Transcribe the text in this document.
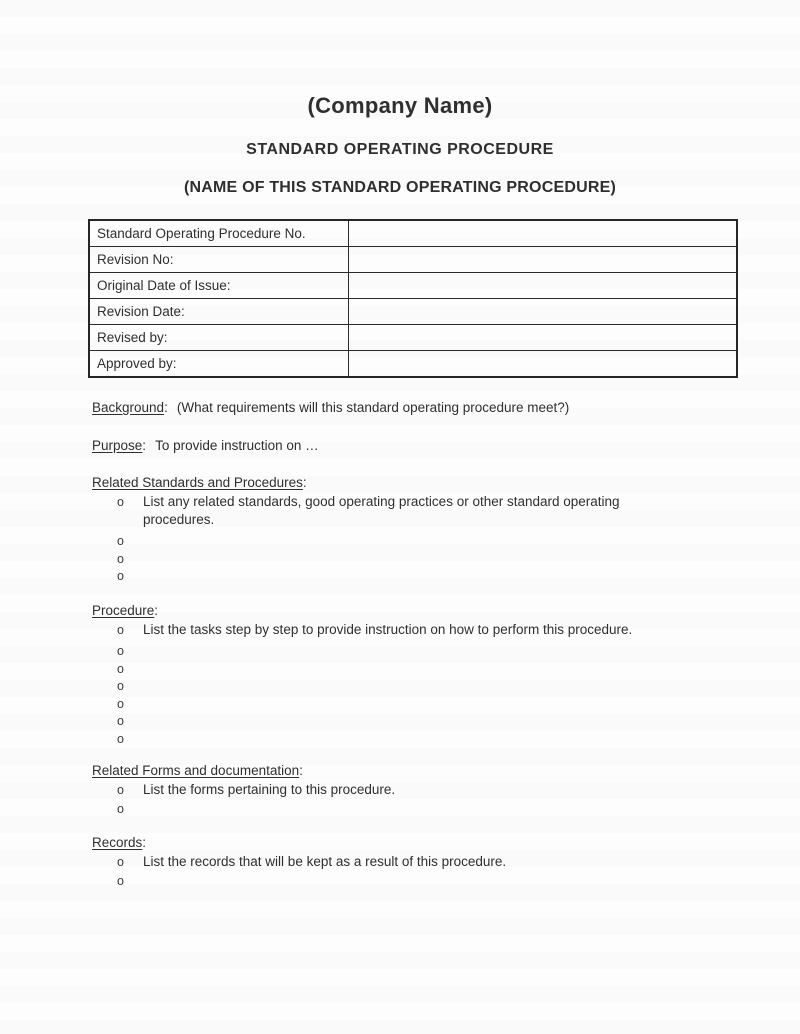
(Company Name)
STANDARD OPERATING PROCEDURE
(NAME OF THIS STANDARD OPERATING PROCEDURE)
Standard Operating Procedure No.	
Revision No:	
Original Date of Issue:	
Revision Date:	
Revised by:	
Approved by:	
Background: (What requirements will this standard operating procedure meet?)
Purpose: To provide instruction on …
Related Standards and Procedures:
o	List any related standards, good operating practices or other standard operating
procedures.
o
o
o
Procedure:
o	List the tasks step by step to provide instruction on how to perform this procedure.
o
o
o
o
o
o
Related Forms and documentation:
o	List the forms pertaining to this procedure.
o
Records:
o	List the records that will be kept as a result of this procedure.
o
